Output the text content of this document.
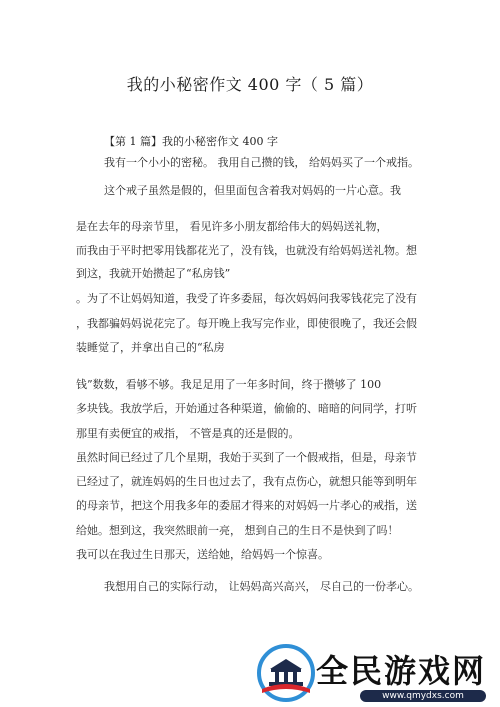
我的小秘密作文 400 字（ 5 篇）
【第 1 篇】我的小秘密作文 400 字
我有一个小小的密秘。 我用自己攒的钱， 给妈妈买了一个戒指。
这个戒子虽然是假的，但里面包含着我对妈妈的一片心意。我
是在去年的母亲节里， 看见许多小朋友都给伟大的妈妈送礼物，
而我由于平时把零用钱都花光了，没有钱，也就没有给妈妈送礼物。想
到这，我就开始攒起了“私房钱”
。为了不让妈妈知道，我受了许多委屈，每次妈妈问我零钱花完了没有
，我都骗妈妈说花完了。每开晚上我写完作业，即使很晚了，我还会假
装睡觉了，并拿出自己的“私房
钱”数数，看够不够。我足足用了一年多时间，终于攒够了 100
多块钱。我放学后，开始通过各种渠道，偷偷的、暗暗的问同学，打听
那里有卖便宜的戒指， 不管是真的还是假的。
虽然时间已经过了几个星期，我始于买到了一个假戒指，但是，母亲节
已经过了，就连妈妈的生日也过去了，我有点伤心，就想只能等到明年
的母亲节，把这个用我多年的委屈才得来的对妈妈一片孝心的戒指，送
给她。想到这，我突然眼前一亮， 想到自己的生日不是快到了吗！
我可以在我过生日那天，送给她，给妈妈一个惊喜。
我想用自己的实际行动， 让妈妈高兴高兴， 尽自己的一份孝心。
全民游戏网
www.qmydxs.com
